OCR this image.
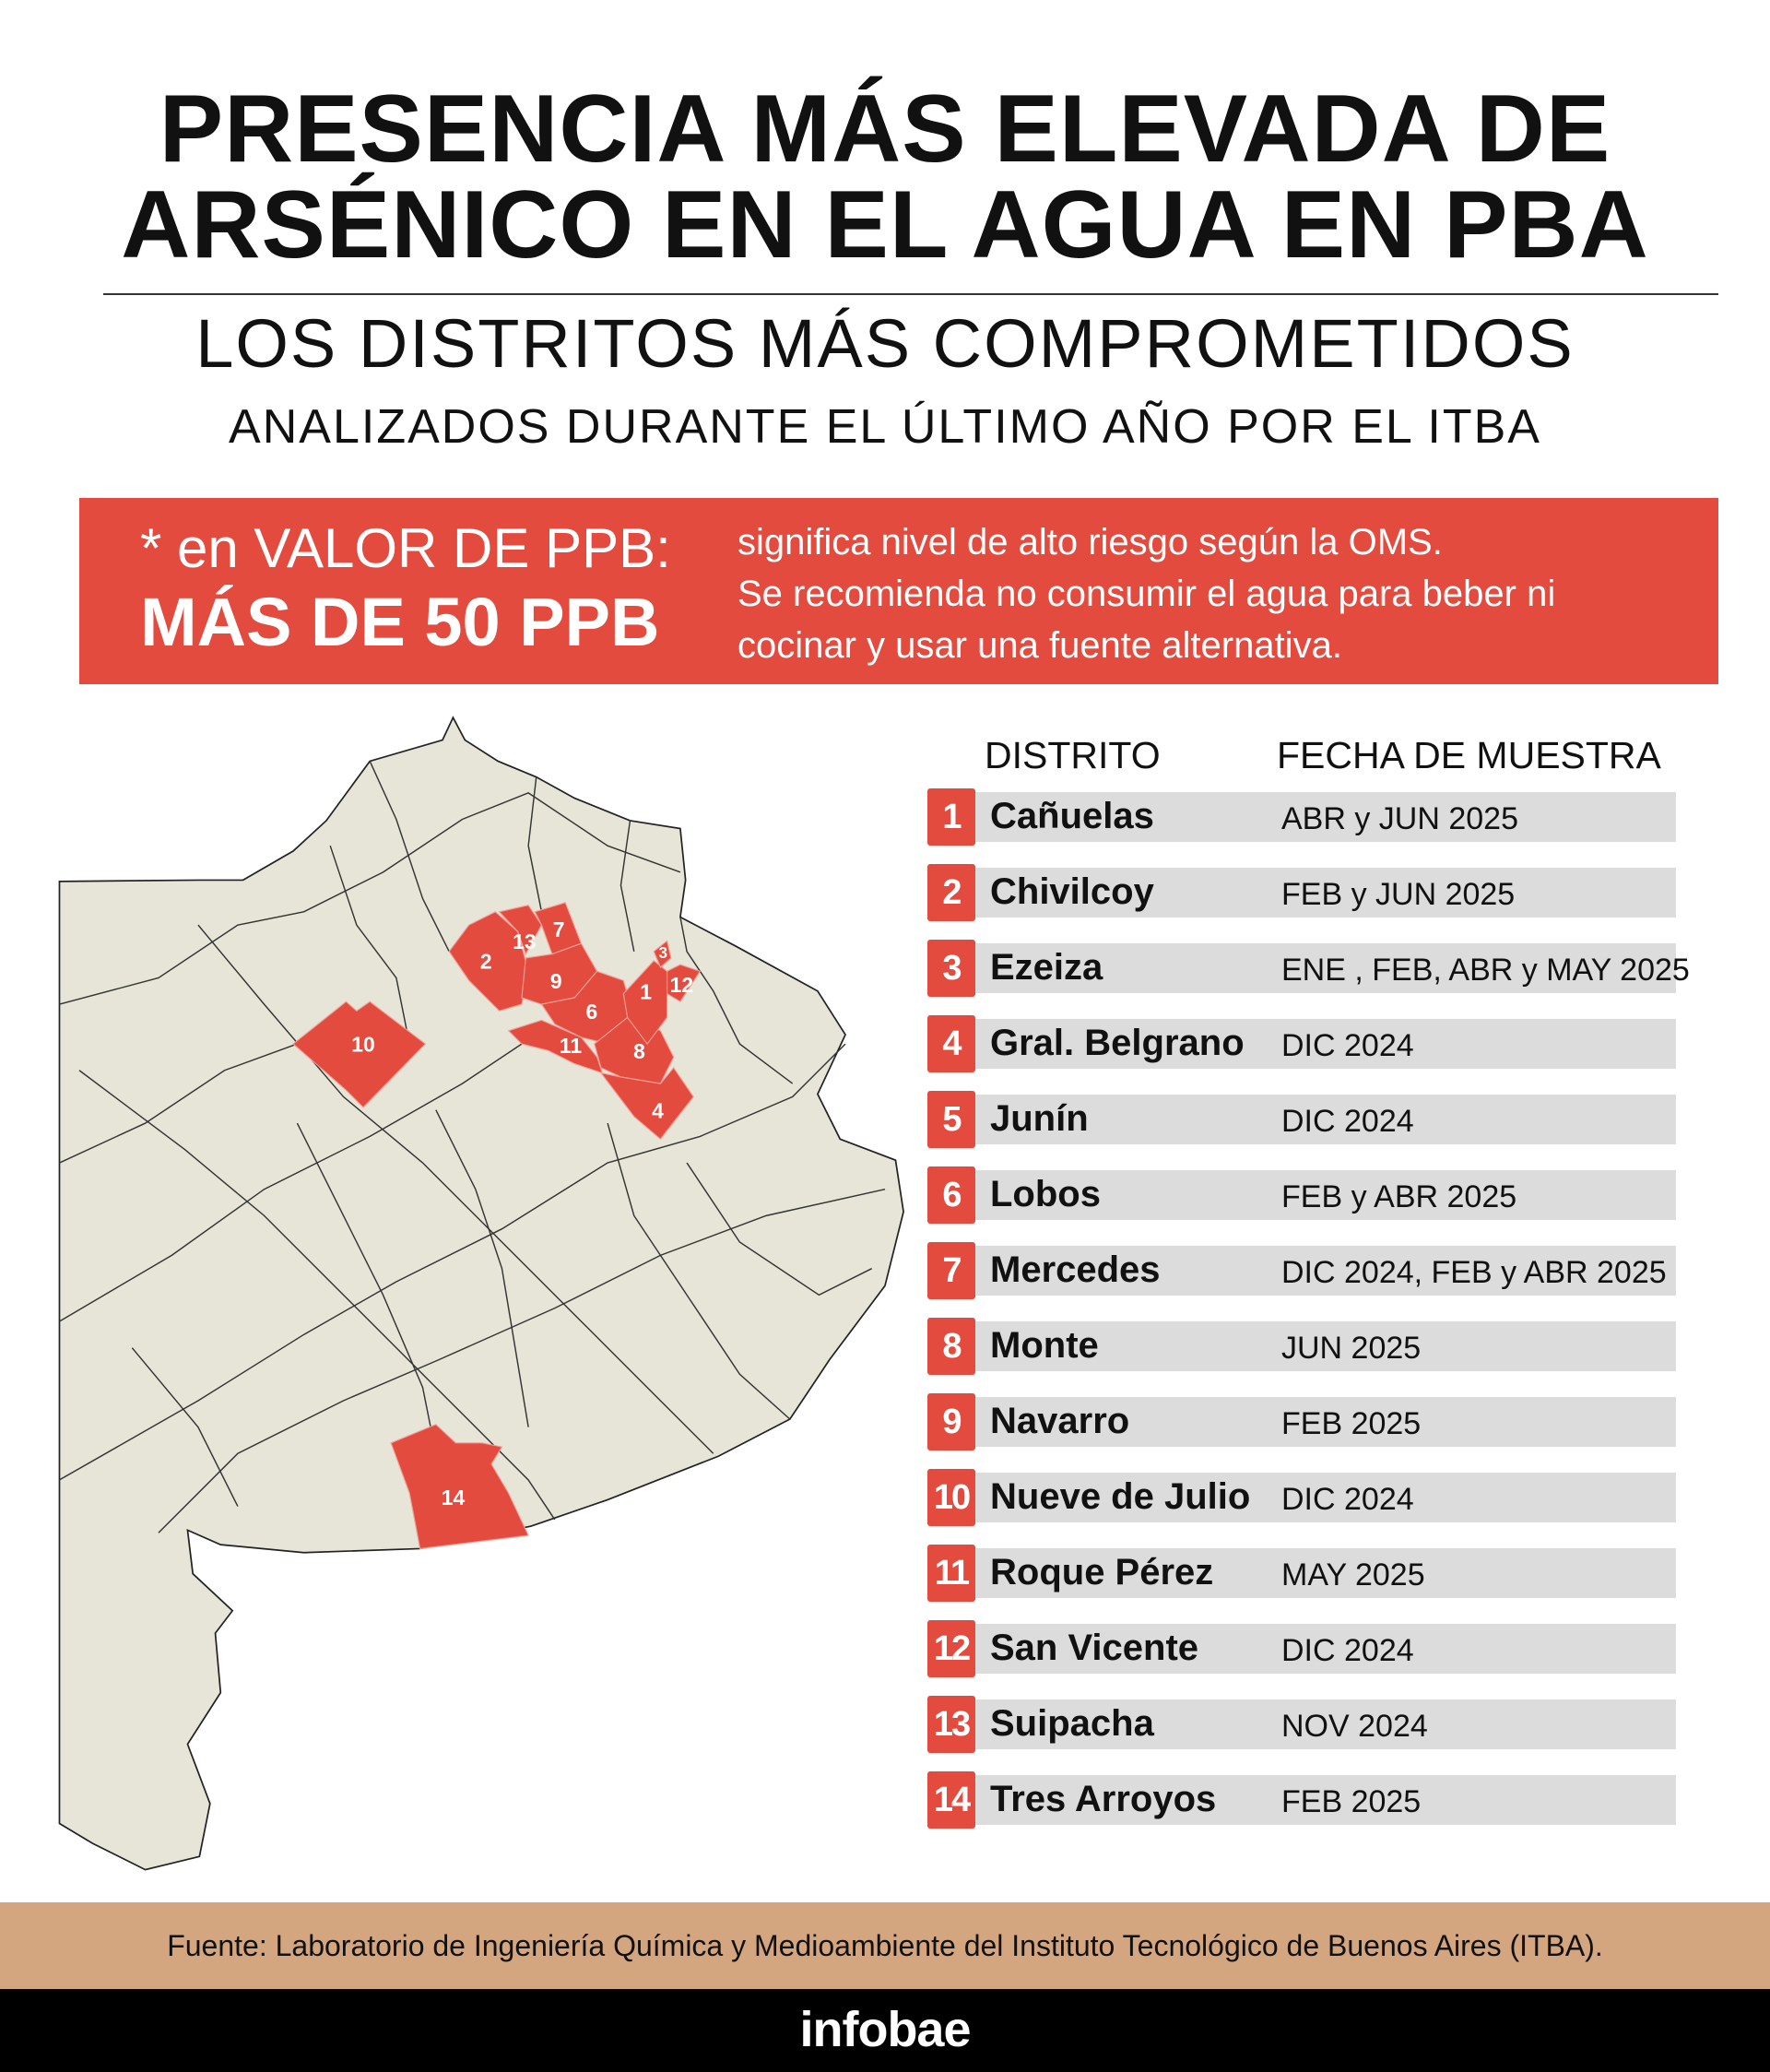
PRESENCIA MÁS ELEVADA DE
ARSÉNICO EN EL AGUA EN PBA
LOS DISTRITOS MÁS COMPROMETIDOS
ANALIZADOS DURANTE EL ÚLTIMO AÑO POR EL ITBA
* en VALOR DE PPB:
MÁS DE 50 PPB
significa nivel de alto riesgo según la OMS.
Se recomienda no consumir el agua para beber ni
cocinar y usar una fuente alternativa.
2
13 7
9
6
1
3
12
11	8
4
10
14
DISTRITO	FECHA DE MUESTRA
1 Cañuelas	ABR y JUN 2025
2 Chivilcoy	FEB y JUN 2025
3 Ezeiza	ENE , FEB, ABR y MAY 2025
4 Gral. Belgrano DIC 2024
5 Junín	DIC 2024
6 Lobos	FEB y ABR 2025
7 Mercedes	DIC 2024, FEB y ABR 2025
8 Monte	JUN 2025
9 Navarro	FEB 2025
10 Nueve de Julio DIC 2024
11 Roque Pérez MAY 2025
12 San Vicente	DIC 2024
13 Suipacha	NOV 2024
14 Tres Arroyos FEB 2025
Fuente: Laboratorio de Ingeniería Química y Medioambiente del Instituto Tecnológico de Buenos Aires (ITBA).
infobae
